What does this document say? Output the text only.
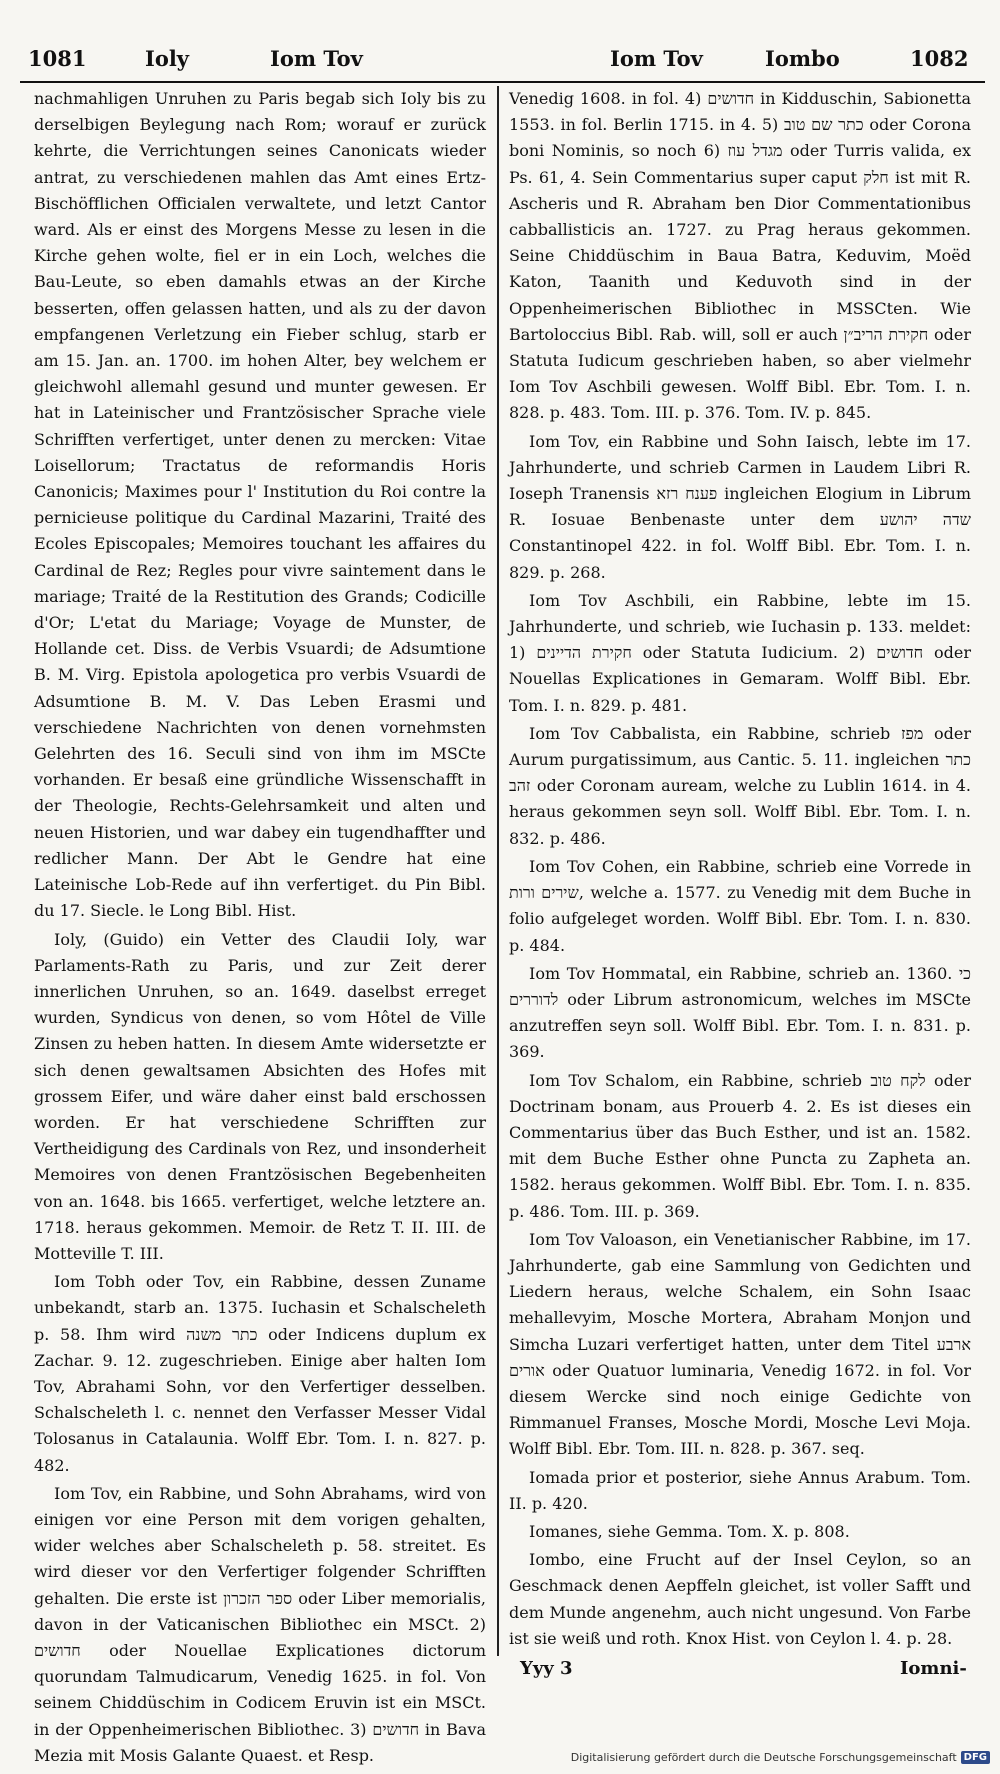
1081	Ioly	Iom Tov	Iom Tov	Iombo	1082

nachmahligen Unruhen zu Paris begab sich Ioly bis zu derselbigen Beylegung nach Rom; worauf er zurück kehrte, die Verrichtungen seines Canonicats wieder antrat, zu verschiedenen mahlen das Amt eines Ertz-Bischöfflichen Officialen verwaltete, und letzt Cantor ward. Als er einst des Morgens Messe zu lesen in die Kirche gehen wolte, fiel er in ein Loch, welches die Bau-Leute, so eben damahls etwas an der Kirche besserten, offen gelassen hatten, und als zu der davon empfangenen Verletzung ein Fieber schlug, starb er am 15. Jan. an. 1700. im hohen Alter, bey welchem er gleichwohl allemahl gesund und munter gewesen. Er hat in Lateinischer und Frantzösischer Sprache viele Schrifften verfertiget, unter denen zu mercken: Vitae Loisellorum; Tractatus de reformandis Horis Canonicis; Maximes pour l' Institution du Roi contre la pernicieuse politique du Cardinal Mazarini, Traité des Ecoles Episcopales; Memoires touchant les affaires du Cardinal de Rez; Regles pour vivre saintement dans le mariage; Traité de la Restitution des Grands; Codicille d'Or; L'etat du Mariage; Voyage de Munster, de Hollande cet. Diss. de Verbis Vsuardi; de Adsumtione B. M. Virg. Epistola apologetica pro verbis Vsuardi de Adsumtione B. M. V. Das Leben Erasmi und verschiedene Nachrichten von denen vornehmsten Gelehrten des 16. Seculi sind von ihm im MSCte vorhanden. Er besaß eine gründliche Wissenschafft in der Theologie, Rechts-Gelehrsamkeit und alten und neuen Historien, und war dabey ein tugendhaffter und redlicher Mann. Der Abt le Gendre hat eine Lateinische Lob-Rede auf ihn verfertiget. du Pin Bibl. du 17. Siecle. le Long Bibl. Hist.

Ioly, (Guido) ein Vetter des Claudii Ioly, war Parlaments-Rath zu Paris, und zur Zeit derer innerlichen Unruhen, so an. 1649. daselbst erreget wurden, Syndicus von denen, so vom Hôtel de Ville Zinsen zu heben hatten. In diesem Amte widersetzte er sich denen gewaltsamen Absichten des Hofes mit grossem Eifer, und wäre daher einst bald erschossen worden. Er hat verschiedene Schrifften zur Vertheidigung des Cardinals von Rez, und insonderheit Memoires von denen Frantzösischen Begebenheiten von an. 1648. bis 1665. verfertiget, welche letztere an. 1718. heraus gekommen. Memoir. de Retz T. II. III. de Motteville T. III.

Iom Tobh oder Tov, ein Rabbine, dessen Zuname unbekandt, starb an. 1375. Iuchasin et Schalscheleth p. 58. Ihm wird ‏כתר משנה‎ oder Indicens duplum ex Zachar. 9. 12. zugeschrieben. Einige aber halten Iom Tov, Abrahami Sohn, vor den Verfertiger desselben. Schalscheleth l. c. nennet den Verfasser Messer Vidal Tolosanus in Catalaunia. Wolff Ebr. Tom. I. n. 827. p. 482.

Iom Tov, ein Rabbine, und Sohn Abrahams, wird von einigen vor eine Person mit dem vorigen gehalten, wider welches aber Schalscheleth p. 58. streitet. Es wird dieser vor den Verfertiger folgender Schrifften gehalten. Die erste ist ‏ספר הזכרון‎ oder Liber memorialis, davon in der Vaticanischen Bibliothec ein MSCt. 2) ‏חדושים‎ oder Nouellae Explicationes dictorum quorundam Talmudicarum, Venedig 1625. in fol. Von seinem Chiddüschim in Codicem Eruvin ist ein MSCt. in der Oppenheimerischen Bibliothec. 3) ‏חדושים‎ in Bava Mezia mit Mosis Galante Quaest. et Resp.

Venedig 1608. in fol. 4) ‏חדושים‎ in Kidduschin, Sabionetta 1553. in fol. Berlin 1715. in 4. 5) ‏כתר שם טוב‎ oder Corona boni Nominis, so noch 6) ‏מגדל עוז‎ oder Turris valida, ex Ps. 61, 4. Sein Commentarius super caput ‏חלק‎ ist mit R. Ascheris und R. Abraham ben Dior Commentationibus cabballisticis an. 1727. zu Prag heraus gekommen. Seine Chiddüschim in Baua Batra, Keduvim, Moëd Katon, Taanith und Keduvoth sind in der Oppenheimerischen Bibliothec in MSSCten. Wie Bartoloccius Bibl. Rab. will, soll er auch ‏חקירת הריב״ן‎ oder Statuta Iudicum geschrieben haben, so aber vielmehr Iom Tov Aschbili gewesen. Wolff Bibl. Ebr. Tom. I. n. 828. p. 483. Tom. III. p. 376. Tom. IV. p. 845.

Iom Tov, ein Rabbine und Sohn Iaisch, lebte im 17. Jahrhunderte, und schrieb Carmen in Laudem Libri R. Ioseph Tranensis ‏פענח רזא‎ ingleichen Elogium in Librum R. Iosuae Benbenaste unter dem ‏שדה יהושע‎ Constantinopel 422. in fol. Wolff Bibl. Ebr. Tom. I. n. 829. p. 268.

Iom Tov Aschbili, ein Rabbine, lebte im 15. Jahrhunderte, und schrieb, wie Iuchasin p. 133. meldet: 1) ‏חקירת הדיינים‎ oder Statuta Iudicium. 2) ‏חדושים‎ oder Nouellas Explicationes in Gemaram. Wolff Bibl. Ebr. Tom. I. n. 829. p. 481.

Iom Tov Cabbalista, ein Rabbine, schrieb ‏מפז‎ oder Aurum purgatissimum, aus Cantic. 5. 11. ingleichen ‏כתר זהב‎ oder Coronam auream, welche zu Lublin 1614. in 4. heraus gekommen seyn soll. Wolff Bibl. Ebr. Tom. I. n. 832. p. 486.

Iom Tov Cohen, ein Rabbine, schrieb eine Vorrede in ‏שירים ורות‎, welche a. 1577. zu Venedig mit dem Buche in folio aufgeleget worden. Wolff Bibl. Ebr. Tom. I. n. 830. p. 484.

Iom Tov Hommatal, ein Rabbine, schrieb an. 1360. ‏כי לדוררים‎ oder Librum astronomicum, welches im MSCte anzutreffen seyn soll. Wolff Bibl. Ebr. Tom. I. n. 831. p. 369.

Iom Tov Schalom, ein Rabbine, schrieb ‏לקח טוב‎ oder Doctrinam bonam, aus Prouerb 4. 2. Es ist dieses ein Commentarius über das Buch Esther, und ist an. 1582. mit dem Buche Esther ohne Puncta zu Zapheta an. 1582. heraus gekommen. Wolff Bibl. Ebr. Tom. I. n. 835. p. 486. Tom. III. p. 369.

Iom Tov Valoason, ein Venetianischer Rabbine, im 17. Jahrhunderte, gab eine Sammlung von Gedichten und Liedern heraus, welche Schalem, ein Sohn Isaac mehallevyim, Mosche Mortera, Abraham Monjon und Simcha Luzari verfertiget hatten, unter dem Titel ‏ארבע אורים‎ oder Quatuor luminaria, Venedig 1672. in fol. Vor diesem Wercke sind noch einige Gedichte von Rimmanuel Franses, Mosche Mordi, Mosche Levi Moja. Wolff Bibl. Ebr. Tom. III. n. 828. p. 367. seq.

Iomada prior et posterior, siehe Annus Arabum. Tom. II. p. 420.

Iomanes, siehe Gemma. Tom. X. p. 808.

Iombo, eine Frucht auf der Insel Ceylon, so an Geschmack denen Aepffeln gleichet, ist voller Safft und dem Munde angenehm, auch nicht ungesund. Von Farbe ist sie weiß und roth. Knox Hist. von Ceylon l. 4. p. 28.

Yyy 3	Iomni-
Digitalisierung gefördert durch die Deutsche Forschungsgemeinschaft DFG
